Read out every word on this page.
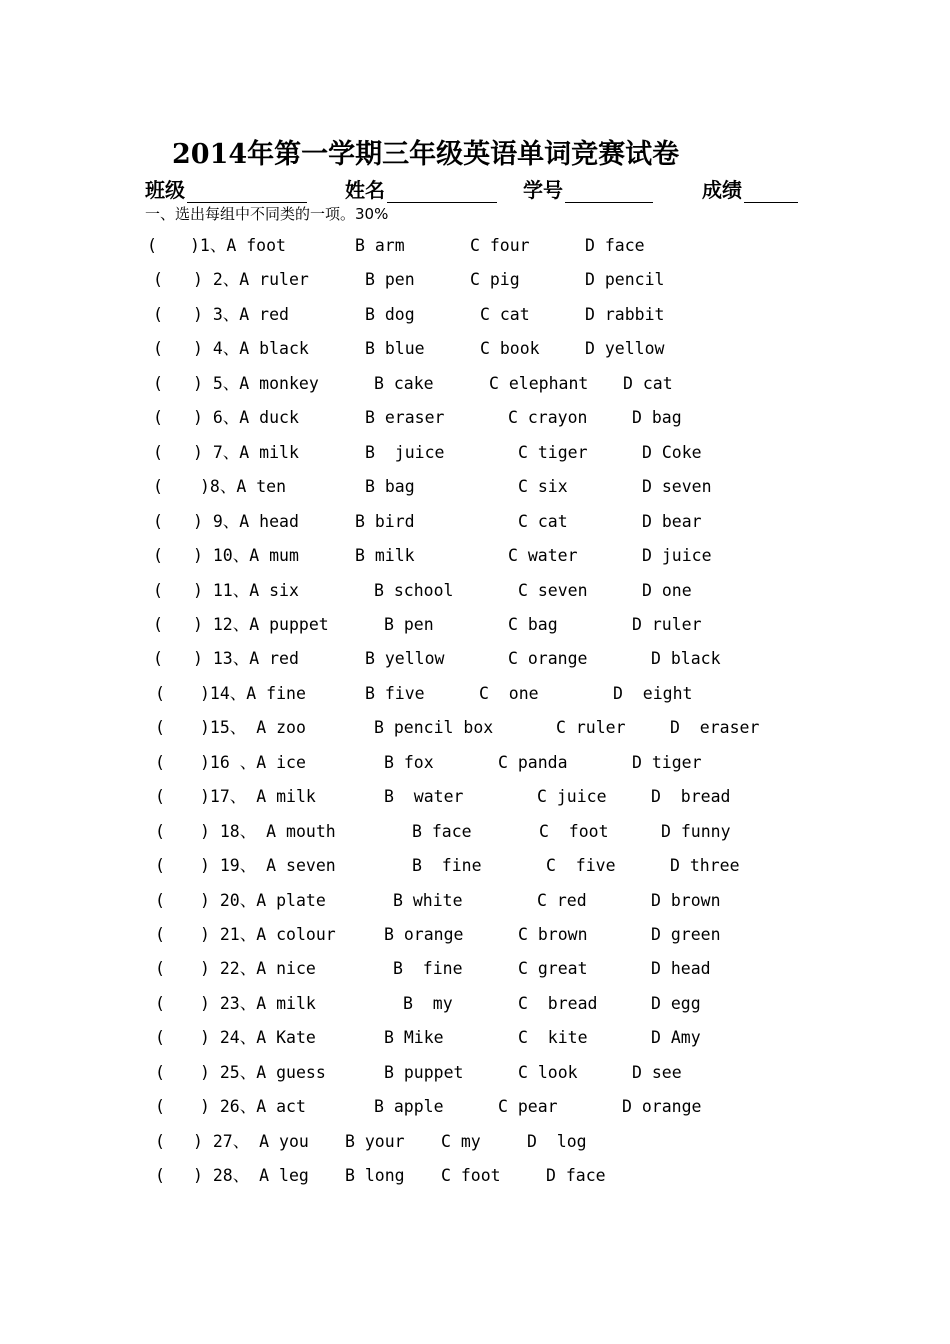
2014年第一学期三年级英语单词竞赛试卷
班级	姓名	学号	成绩
一、选出每组中不同类的一项。30%
( )1、A foot	B arm	C four	D face
( ) 2、A ruler	B pen	C pig	D pencil
( ) 3、A red	B dog	C cat	D rabbit
( ) 4、A black	B blue	C book	D yellow
( ) 5、A monkey	B cake	C elephant D cat
( ) 6、A duck	B eraser	C crayon	D bag
( ) 7、A milk	B  juice	C tiger	D Coke
( )8、A ten	B bag	C six	D seven
( ) 9、A head	B bird	C cat	D bear
( ) 10、A mum	B milk	C water	D juice
( ) 11、A six	B school	C seven	D one
( ) 12、A puppet	B pen	C bag	D ruler
( ) 13、A red	B yellow	C orange	D black
( )14、A fine	B five	C  one	D  eight
( )15、 A zoo	B pencil box	C ruler	D  eraser
( )16 、A ice	B fox	C panda	D tiger
( )17、 A milk	B  water	C juice	D  bread
( ) 18、 A mouth	B face	C  foot	D funny
( ) 19、 A seven	B  fine	C  five	D three
( ) 20、A plate	B white	C red	D brown
( ) 21、A colour	B orange	C brown	D green
( ) 22、A nice	B  fine	C great	D head
( ) 23、A milk	B  my	C  bread	D egg
( ) 24、A Kate	B Mike	C  kite	D Amy
( ) 25、A guess	B puppet	C look	D see
( ) 26、A act	B apple	C pear	D orange
( ) 27、 A you B your C my	D  log
( ) 28、 A leg B long C foot	D face
